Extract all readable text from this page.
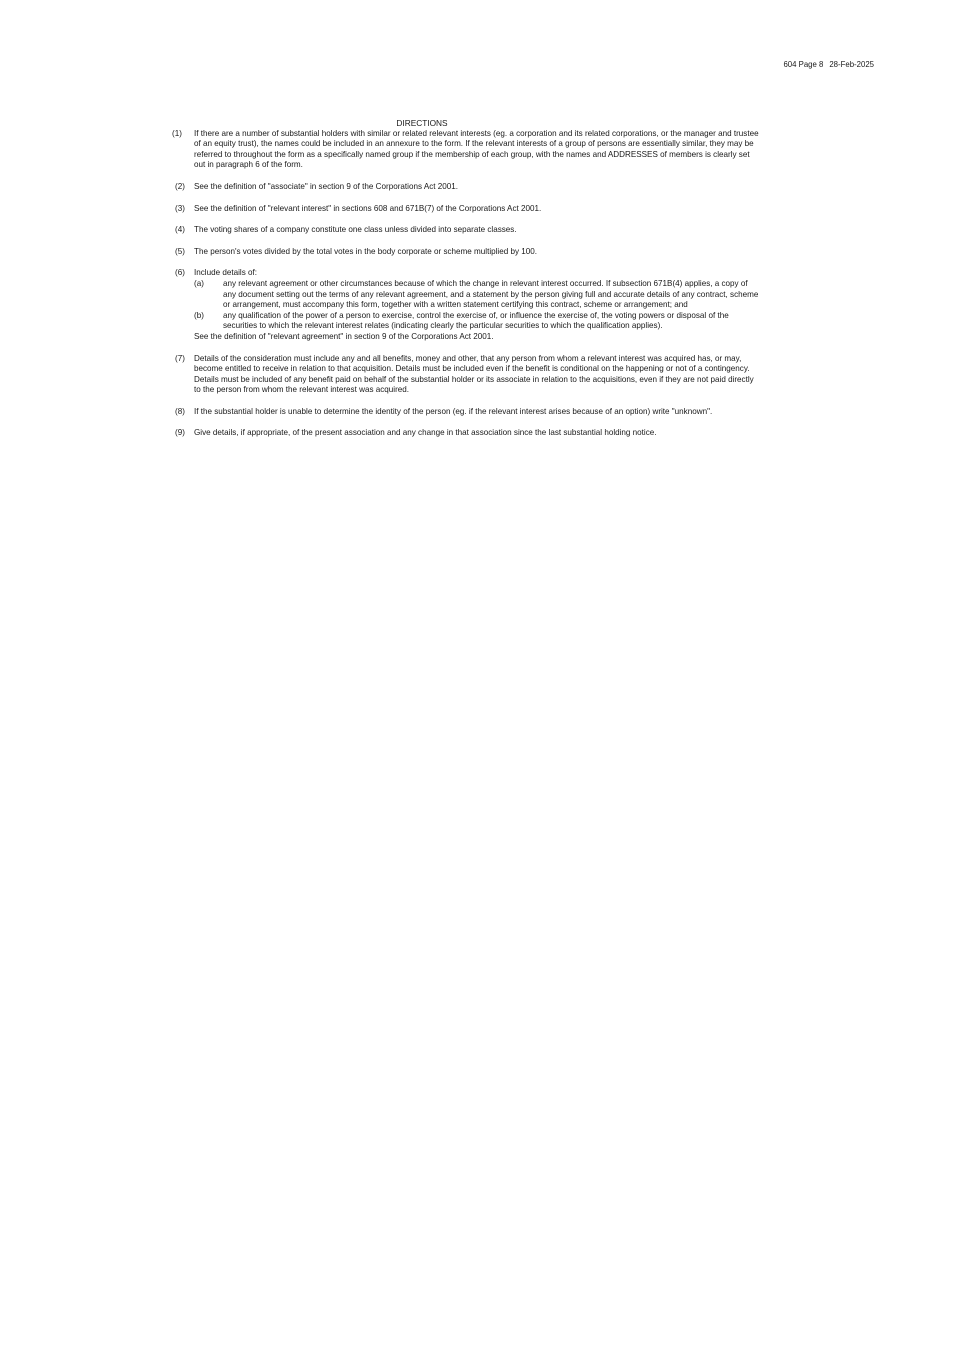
604 Page 8 28-Feb-2025
DIRECTIONS
(1)	If there are a number of substantial holders with similar or related relevant interests (eg. a corporation and its related corporations, or the manager and trustee of an equity trust), the names could be included in an annexure to the form. If the relevant interests of a group of persons are essentially similar, they may be referred to throughout the form as a specifically named group if the membership of each group, with the names and ADDRESSES of members is clearly set out in paragraph 6 of the form.
(2)	See the definition of "associate" in section 9 of the Corporations Act 2001.
(3)	See the definition of "relevant interest" in sections 608 and 671B(7) of the Corporations Act 2001.
(4)	The voting shares of a company constitute one class unless divided into separate classes.
(5)	The person's votes divided by the total votes in the body corporate or scheme multiplied by 100.
(6)	Include details of:
(a)	any relevant agreement or other circumstances because of which the change in relevant interest occurred. If subsection 671B(4) applies, a copy of any document setting out the terms of any relevant agreement, and a statement by the person giving full and accurate details of any contract, scheme or arrangement, must accompany this form, together with a written statement certifying this contract, scheme or arrangement; and
(b)	any qualification of the power of a person to exercise, control the exercise of, or influence the exercise of, the voting powers or disposal of the securities to which the relevant interest relates (indicating clearly the particular securities to which the qualification applies).
See the definition of "relevant agreement" in section 9 of the Corporations Act 2001.
(7)	Details of the consideration must include any and all benefits, money and other, that any person from whom a relevant interest was acquired has, or may, become entitled to receive in relation to that acquisition. Details must be included even if the benefit is conditional on the happening or not of a contingency. Details must be included of any benefit paid on behalf of the substantial holder or its associate in relation to the acquisitions, even if they are not paid directly to the person from whom the relevant interest was acquired.
(8)	If the substantial holder is unable to determine the identity of the person (eg. if the relevant interest arises because of an option) write "unknown".
(9)	Give details, if appropriate, of the present association and any change in that association since the last substantial holding notice.
